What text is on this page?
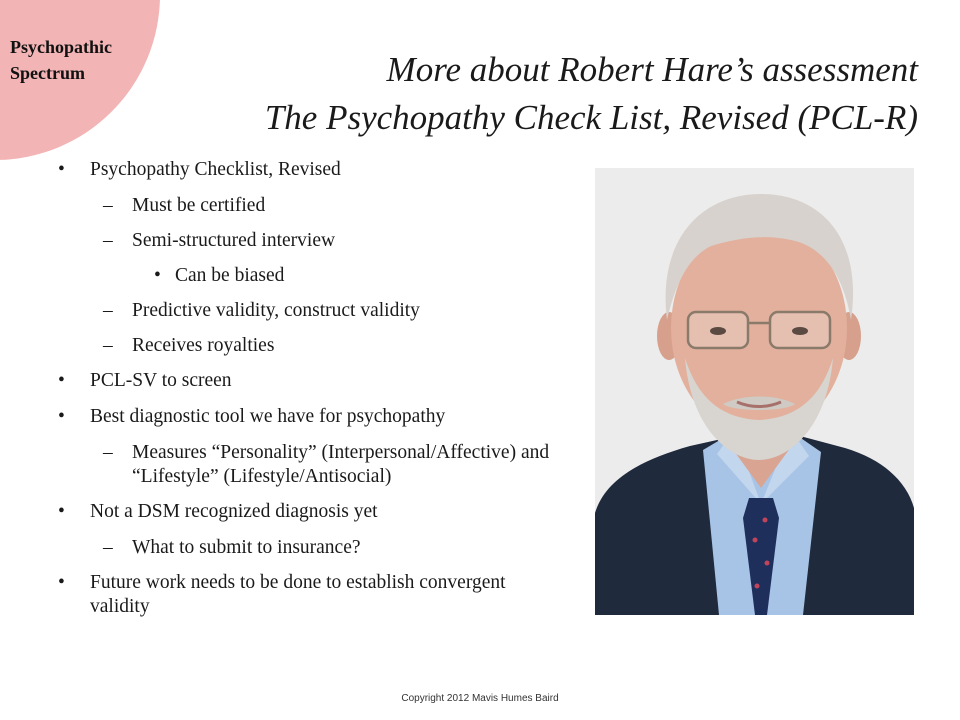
Psychopathic
Spectrum	More about Robert Hare’s assessment
The Psychopathy Check List, Revised (PCL-R)
• Psychopathy Checklist, Revised
– Must be certified
– Semi-structured interview
• Can be biased
– Predictive validity, construct validity
– Receives royalties
• PCL-SV to screen
• Best diagnostic tool we have for psychopathy
– Measures “Personality” (Interpersonal/Affective) and “Lifestyle” (Lifestyle/Antisocial)
• Not a DSM recognized diagnosis yet
– What to submit to insurance?
• Future work needs to be done to establish convergent validity
Copyright 2012 Mavis Humes Baird
